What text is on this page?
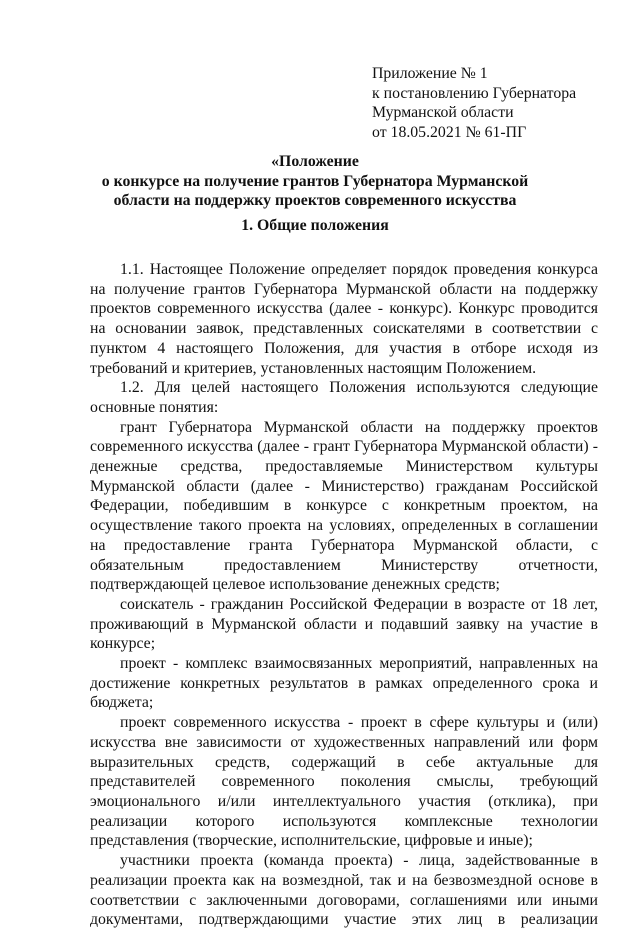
Приложение № 1
к постановлению Губернатора
Мурманской области
от 18.05.2021 № 61-ПГ
«Положение
о конкурсе на получение грантов Губернатора Мурманской
области на поддержку проектов современного искусства
1. Общие положения

1.1. Настоящее Положение определяет порядок проведения конкурса на получение грантов Губернатора Мурманской области на поддержку проектов современного искусства (далее - конкурс). Конкурс проводится на основании заявок, представленных соискателями в соответствии с пунктом 4 настоящего Положения, для участия в отборе исходя из требований и критериев, установленных настоящим Положением.

1.2. Для целей настоящего Положения используются следующие основные понятия:

грант Губернатора Мурманской области на поддержку проектов современного искусства (далее - грант Губернатора Мурманской области) - денежные средства, предоставляемые Министерством культуры Мурманской области (далее - Министерство) гражданам Российской Федерации, победившим в конкурсе с конкретным проектом, на осуществление такого проекта на условиях, определенных в соглашении на предоставление гранта Губернатора Мурманской области, с обязательным предоставлением Министерству отчетности, подтверждающей целевое использование денежных средств;

соискатель - гражданин Российской Федерации в возрасте от 18 лет, проживающий в Мурманской области и подавший заявку на участие в конкурсе;

проект - комплекс взаимосвязанных мероприятий, направленных на достижение конкретных результатов в рамках определенного срока и бюджета;

проект современного искусства - проект в сфере культуры и (или) искусства вне зависимости от художественных направлений или форм выразительных средств, содержащий в себе актуальные для представителей современного поколения смыслы, требующий эмоционального и/или интеллектуального участия (отклика), при реализации которого используются комплексные технологии представления (творческие, исполнительские, цифровые и иные);

участники проекта (команда проекта) - лица, задействованные в реализации проекта как на возмездной, так и на безвозмездной основе в соответствии с заключенными договорами, соглашениями или иными документами, подтверждающими участие этих лиц в реализации
